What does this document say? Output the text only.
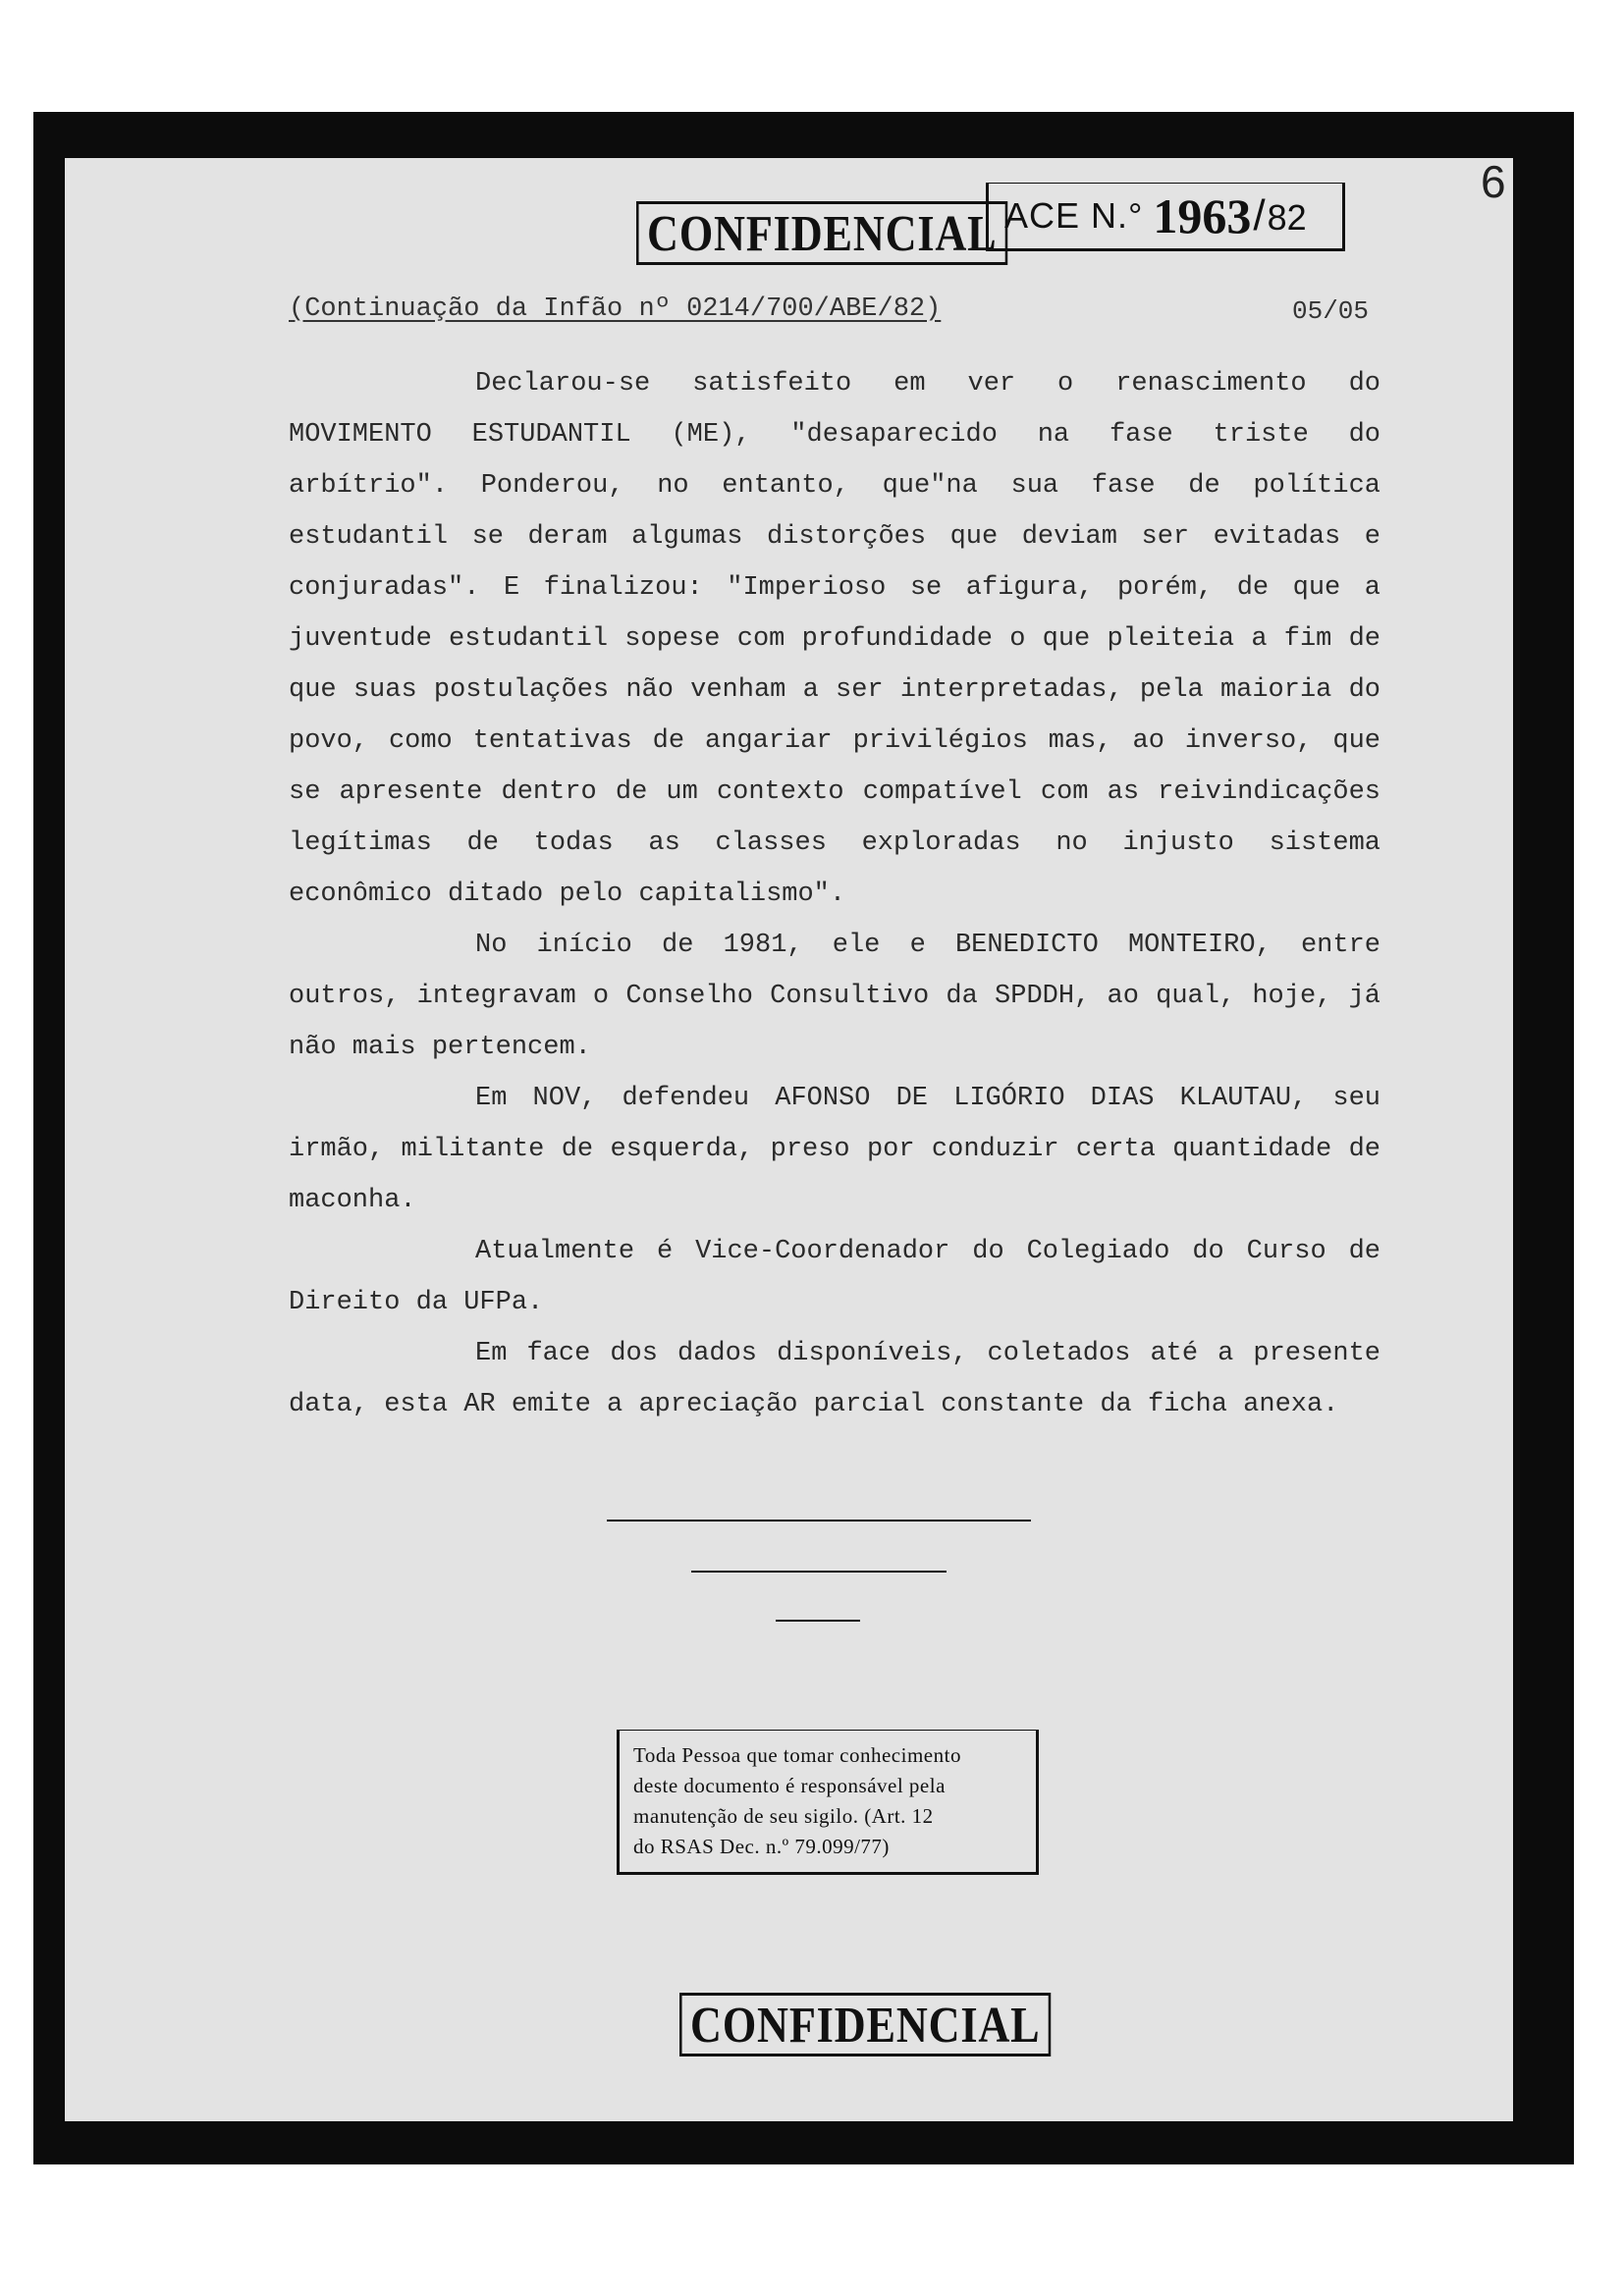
6
CONFIDENCIAL ACE N.° 1963
/ 82
(Continuação da Infão nº 0214/700/ABE/82)	05/05

Declarou-se satisfeito em ver o renascimento do MOVIMENTO ESTUDANTIL (ME), "desaparecido na fase triste do arbítrio". Ponderou, no entanto, que"na sua fase de política estudantil se deram algumas distorções que deviam ser evitadas e conjuradas". E finalizou: "Imperioso se afigura, porém, de que a juventude estudantil sopese com profundidade o que pleiteia a fim de que suas postulações não venham a ser interpretadas, pela maioria do povo, como tentativas de angariar privilégios mas, ao inverso, que se apresente dentro de um contexto compatível com as reivindicações legítimas de todas as classes exploradas no injusto sistema econômico ditado pelo capitalismo".

No início de 1981, ele e BENEDICTO MONTEIRO, entre outros, integravam o Conselho Consultivo da SPDDH, ao qual, hoje, já não mais pertencem.

Em NOV, defendeu AFONSO DE LIGÓRIO DIAS KLAUTAU, seu irmão, militante de esquerda, preso por conduzir certa quantidade de maconha.

Atualmente é Vice-Coordenador do Colegiado do Curso de Direito da UFPa.

Em face dos dados disponíveis, coletados até a presente data, esta AR emite a apreciação parcial constante da ficha anexa.

Toda Pessoa que tomar conhecimento
deste documento é responsável pela
manutenção de seu sigilo. (Art. 12
do RSAS Dec. n.º 79.099/77)
CONFIDENCIAL
